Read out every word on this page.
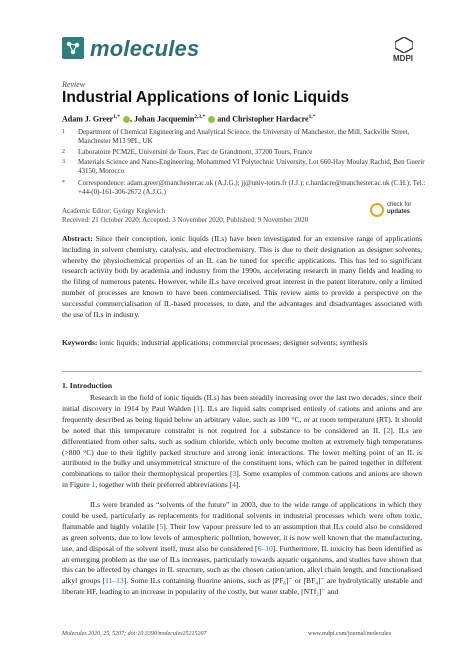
molecules	MDPI
Review
Industrial Applications of Ionic Liquids
Adam J. Greer$^{1,*}$ , Johan Jacquemin$^{2,3,*}$  and Christopher Hardacre$^{1,*}$
1 Department of Chemical Engineering and Analytical Science, the University of Manchester, the Mill, Sackville Street, Manchester M13 9PL, UK
2 Laboratoire PCM2E, Université de Tours, Parc de Grandmont, 37200 Tours, France
3 Materials Science and Nano-Engineering, Mohammed VI Polytechnic University, Lot 660-Hay Moulay Rachid, Ben Guerir 43150, Morocco
* Correspondence: adam.greer@manchester.ac.uk (A.J.G.); jj@univ-tours.fr (J.J.); c.hardacre@manchester.ac.uk (C.H.); Tel.: +44-(0)-161-306-2672 (A.J.G.)
Academic Editor: György Keglevich
Received: 21 October 2020; Accepted: 3 November 2020; Published: 9 November 2020
check for
updates
Abstract: Since their conception, ionic liquids (ILs) have been investigated for an extensive range of applications including in solvent chemistry, catalysis, and electrochemistry. This is due to their designation as designer solvents, whereby the physiochemical properties of an IL can be tuned for specific applications. This has led to significant research activity both by academia and industry from the 1990s, accelerating research in many fields and leading to the filing of numerous patents. However, while ILs have received great interest in the patent literature, only a limited number of processes are known to have been commercialised. This review aims to provide a perspective on the successful commercialisation of IL-based processes, to date, and the advantages and disadvantages associated with the use of ILs in industry.
Keywords: ionic liquids; industrial applications; commercial processes; designer solvents; synthesis
1. Introduction
Research in the field of ionic liquids (ILs) has been steadily increasing over the last two decades, since their initial discovery in 1914 by Paul Walden [1]. ILs are liquid salts comprised entirely of cations and anions and are frequently described as being liquid below an arbitrary value, such as 100 °C, or at room temperature (RT). It should be noted that this temperature constraint is not required for a substance to be considered an IL [2]. ILs are differentiated from other salts, such as sodium chloride, which only become molten at extremely high temperatures (>800 °C) due to their tightly packed structure and strong ionic interactions. The lower melting point of an IL is attributed to the bulky and unsymmetrical structure of the constituent ions, which can be paired together in different combinations to tailor their thermophysical properties [3]. Some examples of common cations and anions are shown in Figure 1, together with their preferred abbreviations [4].
ILs were branded as “solvents of the future” in 2003, due to the wide range of applications in which they could be used, particularly as replacements for traditional solvents in industrial processes which were often toxic, flammable and highly volatile [5]. Their low vapour pressure led to an assumption that ILs could also be considered as green solvents, due to low levels of atmospheric pollution, however, it is now well known that the manufacturing, use, and disposal of the solvent itself, must also be considered [6–10]. Furthermore, IL toxicity has been identified as an emerging problem as the use of ILs increases, particularly towards aquatic organisms, and studies have shown that this can be affected by changes in IL structure, such as the chosen cation/anion, alkyl chain length, and functionalised alkyl groups [11–13]. Some ILs containing fluorine anions, such as [PF₆]⁻ or [BF₄]⁻ are hydrolytically unstable and liberate HF, leading to an increase in popularity of the costly, but water stable, [NTf₂]⁻ and
Molecules 2020, 25, 5207; doi:10.3390/molecules25215207	www.mdpi.com/journal/molecules
